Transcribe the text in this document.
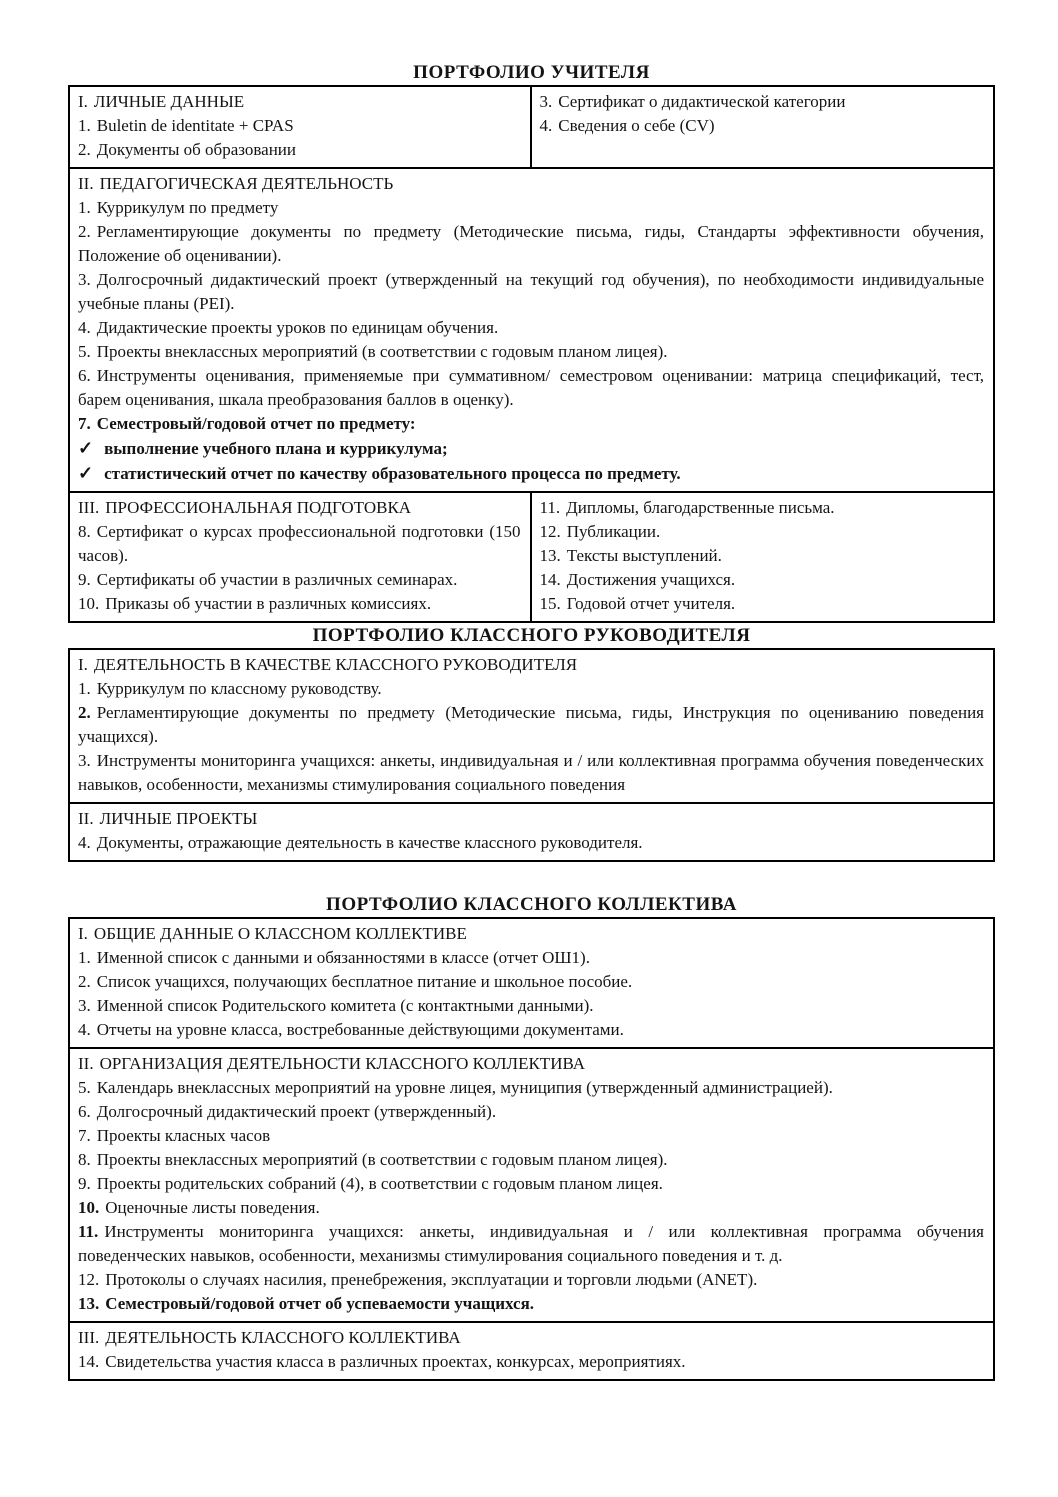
ПОРТФОЛИО УЧИТЕЛЯ

I. ЛИЧНЫЕ ДАННЫЕ

1. Buletin de identitate + CPAS

2. Документы об образовании

3. Сертификат о дидактической категории

4. Сведения о себе (CV)

II. ПЕДАГОГИЧЕСКАЯ ДЕЯТЕЛЬНОСТЬ

1. Куррикулум по предмету

2. Регламентирующие документы по предмету (Методические письма, гиды, Стандарты эффективности обучения, Положение об оценивании).

3. Долгосрочный дидактический проект (утвержденный на текущий год обучения), по необходимости индивидуальные учебные планы (PEI).

4. Дидактические проекты уроков по единицам обучения.

5. Проекты внеклассных мероприятий (в соответствии с годовым планом лицея).

6. Инструменты оценивания, применяемые при суммативном/ семестровом оценивании: матрица спецификаций, тест, барем оценивания, шкала преобразования баллов в оценку).

7. Семестровый/годовой отчет по предмету:

✓ выполнение учебного плана и куррикулума;

✓ статистический отчет по качеству образовательного процесса по предмету.

III. ПРОФЕССИОНАЛЬНАЯ ПОДГОТОВКА

8. Сертификат о курсах профессиональной подготовки (150 часов).

9. Сертификаты об участии в различных семинарах.

10. Приказы об участии в различных комиссиях.

11. Дипломы, благодарственные письма.

12. Публикации.

13. Тексты выступлений.

14. Достижения учащихся.

15. Годовой отчет учителя.

ПОРТФОЛИО КЛАССНОГО РУКОВОДИТЕЛЯ

I. ДЕЯТЕЛЬНОСТЬ В КАЧЕСТВЕ КЛАССНОГО РУКОВОДИТЕЛЯ

1. Куррикулум по классному руководству.

2. Регламентирующие документы по предмету (Методические письма, гиды, Инструкция по оцениванию поведения учащихся).

3. Инструменты мониторинга учащихся: анкеты, индивидуальная и / или коллективная программа обучения поведенческих навыков, особенности, механизмы стимулирования социального поведения

II. ЛИЧНЫЕ ПРОЕКТЫ

4. Документы, отражающие деятельность в качестве классного руководителя.

ПОРТФОЛИО КЛАССНОГО КОЛЛЕКТИВА

I. ОБЩИЕ ДАННЫЕ О КЛАССНОМ КОЛЛЕКТИВЕ

1. Именной список с данными и обязанностями в классе (отчет ОШ1).

2. Список учащихся, получающих бесплатное питание и школьное пособие.

3. Именной список Родительского комитета (с контактными данными).

4. Отчеты на уровне класса, востребованные действующими документами.

II. ОРГАНИЗАЦИЯ ДЕЯТЕЛЬНОСТИ КЛАССНОГО КОЛЛЕКТИВА

5. Календарь внеклассных мероприятий на уровне лицея, муниципия (утвержденный администрацией).

6. Долгосрочный дидактический проект (утвержденный).

7. Проекты класных часов

8. Проекты внеклассных мероприятий (в соответствии с годовым планом лицея).

9. Проекты родительских собраний (4), в соответствии с годовым планом лицея.

10. Оценочные листы поведения.

11. Инструменты мониторинга учащихся: анкеты, индивидуальная и / или коллективная программа обучения поведенческих навыков, особенности, механизмы стимулирования социального поведения и т. д.

12. Протоколы о случаях насилия, пренебрежения, эксплуатации и торговли людьми (ANET).

13. Семестровый/годовой отчет об успеваемости учащихся.

III. ДЕЯТЕЛЬНОСТЬ КЛАССНОГО КОЛЛЕКТИВА

14. Свидетельства участия класса в различных проектах, конкурсах, мероприятиях.
